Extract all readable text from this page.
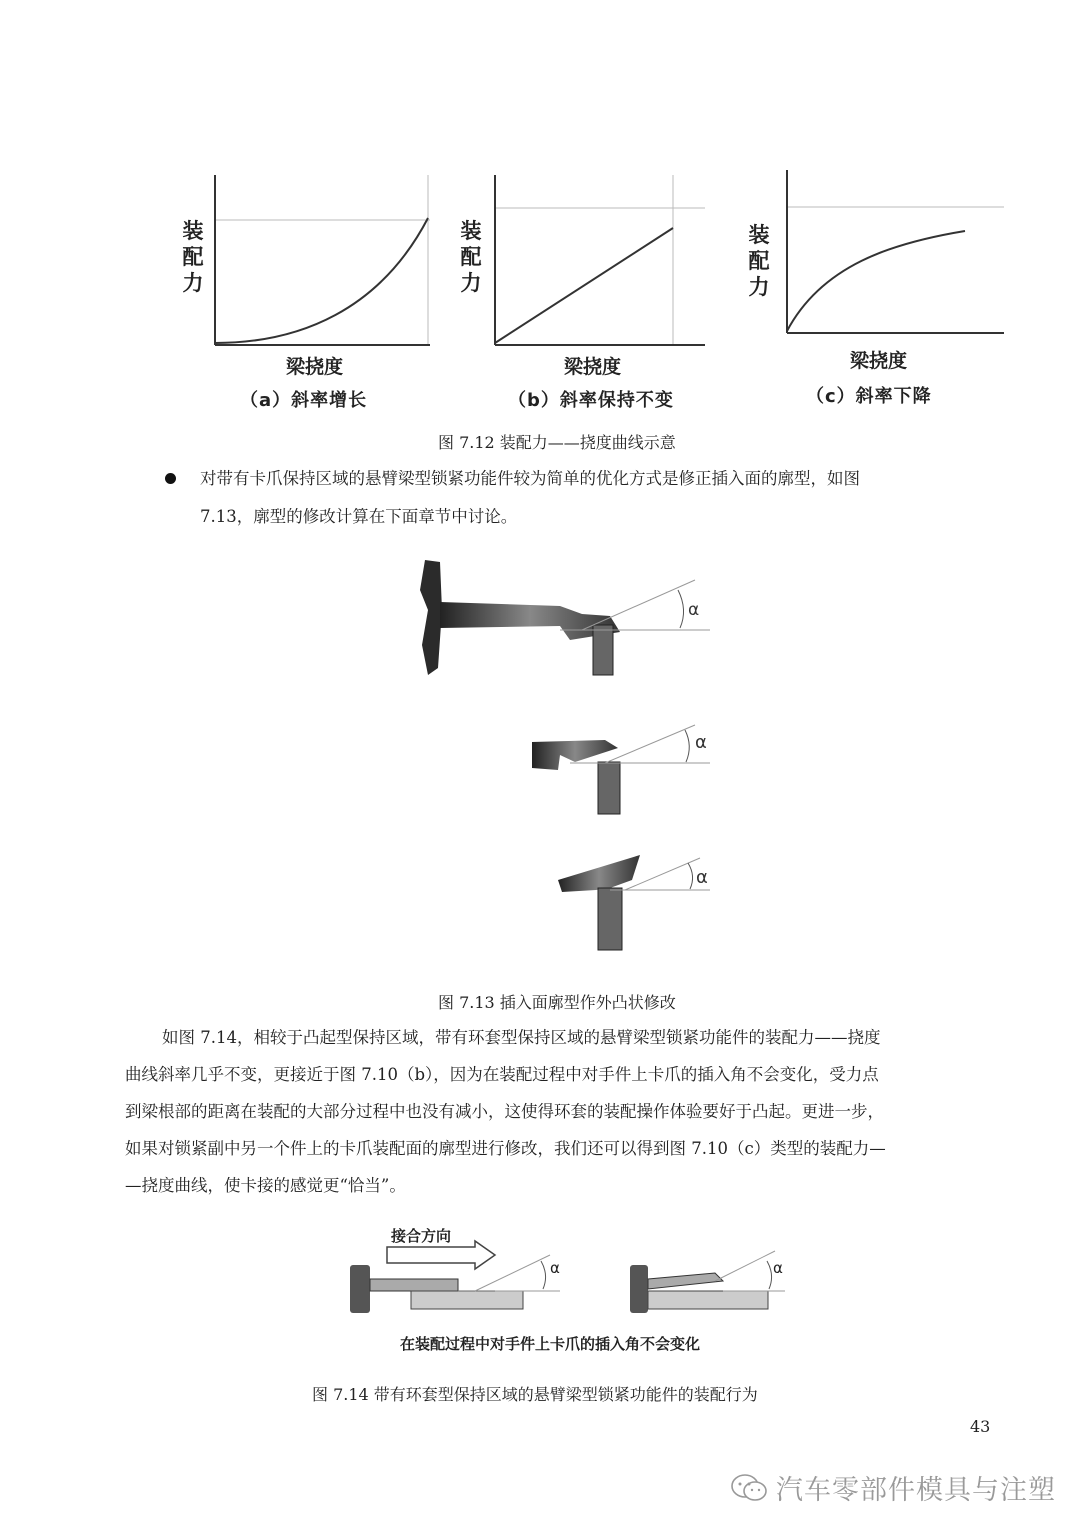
装
配
力
梁挠度
（a）斜率增长
装
配
力
梁挠度
（b）斜率保持不变
装
配
力
梁挠度
（c）斜率下降
图 7.12 装配力——挠度曲线示意
对带有卡爪保持区域的悬臂梁型锁紧功能件较为简单的优化方式是修正插入面的廓型，如图
7.13，廓型的修改计算在下面章节中讨论。
α
α
α
图 7.13 插入面廓型作外凸状修改
如图 7.14，相较于凸起型保持区域，带有环套型保持区域的悬臂梁型锁紧功能件的装配力——挠度
曲线斜率几乎不变，更接近于图 7.10（b），因为在装配过程中对手件上卡爪的插入角不会变化，受力点
到梁根部的距离在装配的大部分过程中也没有减小，这使得环套的装配操作体验要好于凸起。更进一步，
如果对锁紧副中另一个件上的卡爪装配面的廓型进行修改，我们还可以得到图 7.10（c）类型的装配力—
—挠度曲线，使卡接的感觉更“恰当”。
接合方向
α	α
在装配过程中对手件上卡爪的插入角不会变化
图 7.14 带有环套型保持区域的悬臂梁型锁紧功能件的装配行为
43
汽车零部件模具与注塑
